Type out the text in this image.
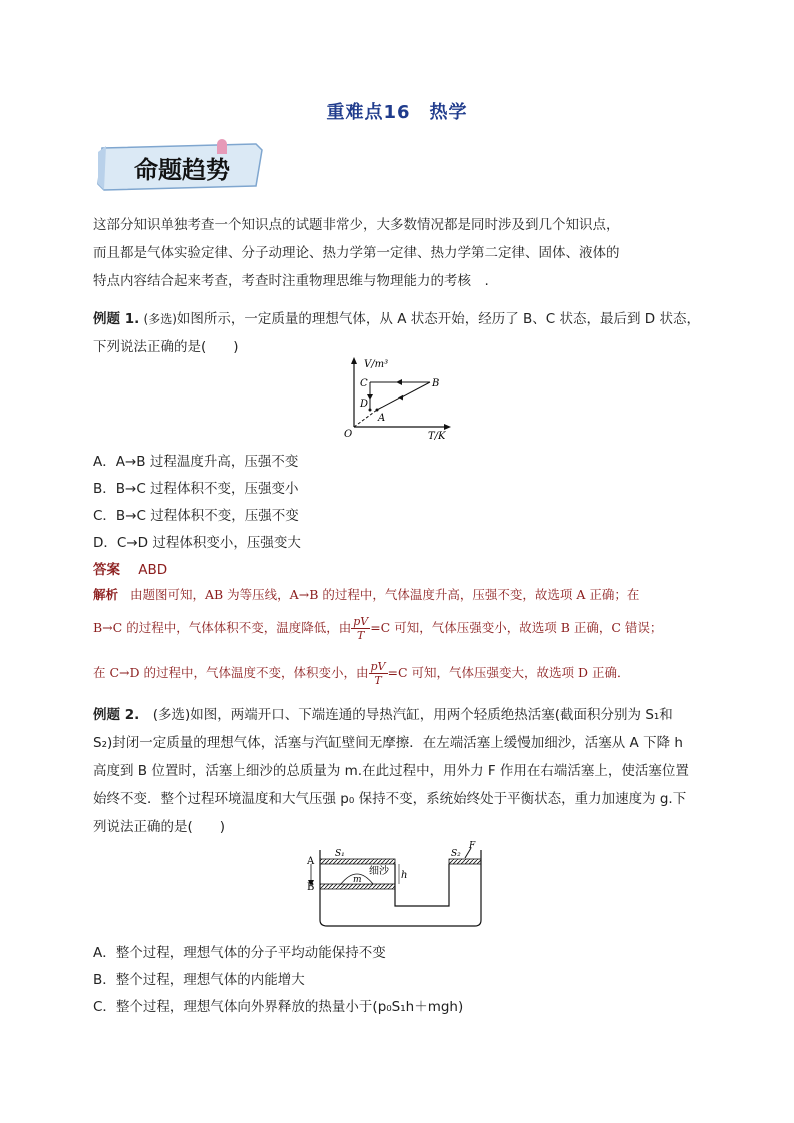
重难点16　热学
命题趋势
这部分知识单独考查一个知识点的试题非常少，大多数情况都是同时涉及到几个知识点，
而且都是气体实验定律、分子动理论、热力学第一定律、热力学第二定律、固体、液体的
特点内容结合起来考查，考查时注重物理思维与物理能力的考核　.
例题 1. (多选)如图所示，一定质量的理想气体，从 A 状态开始，经历了 B、C 状态，最后到 D 状态，
下列说法正确的是(　　)
V/m³
T/K
O
A
B
C
D
A．A→B 过程温度升高，压强不变
B．B→C 过程体积不变，压强变小
C．B→C 过程体积不变，压强不变
D．C→D 过程体积变小，压强变大
答案 ABD
解析 由题图可知，AB 为等压线，A→B 的过程中，气体温度升高，压强不变，故选项 A 正确；在
B→C 的过程中，气体体积不变，温度降低，由 $\frac{pV}{T} =C$ 可知，气体压强变小，故选项 B 正确，C 错误；
在 C→D 的过程中，气体温度不变，体积变小，由 $\frac{pV}{T} =C$ 可知，气体压强变大，故选项 D 正确．
例题 2.　(多选)如图，两端开口、下端连通的导热汽缸，用两个轻质绝热活塞(截面积分别为 S₁和
S₂)封闭一定质量的理想气体，活塞与汽缸壁间无摩擦．在左端活塞上缓慢加细沙，活塞从 A 下降 h
高度到 B 位置时，活塞上细沙的总质量为 m.在此过程中，用外力 F 作用在右端活塞上，使活塞位置
始终不变．整个过程环境温度和大气压强 p₀ 保持不变，系统始终处于平衡状态，重力加速度为 g.下
列说法正确的是(　　)
A
B
S₁	S₂
F
细沙
m	h
A．整个过程，理想气体的分子平均动能保持不变
B．整个过程，理想气体的内能增大
C．整个过程，理想气体向外界释放的热量小于(p₀S₁h＋mgh)
